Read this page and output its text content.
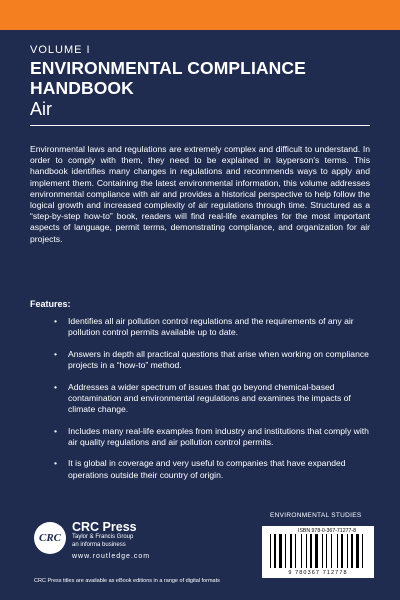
VOLUME I
ENVIRONMENTAL COMPLIANCE
HANDBOOK
Air

Environmental laws and regulations are extremely complex and difficult to understand. In order to comply with them, they need to be explained in layperson's terms. This handbook identifies many changes in regulations and recommends ways to apply and implement them. Containing the latest environmental information, this volume addresses environmental compliance with air and provides a historical perspective to help follow the logical growth and increased complexity of air regulations through time. Structured as a “step-by-step how-to” book, readers will find real-life examples for the most important aspects of language, permit terms, demonstrating compliance, and organization for air projects.

Features:

• Identifies all air pollution control regulations and the requirements of any air pollution control permits available up to date.
• Answers in depth all practical questions that arise when working on compliance projects in a “how-to” method.
• Addresses a wider spectrum of issues that go beyond chemical-based contamination and environmental regulations and examines the impacts of climate change.
• Includes many real-life examples from industry and institutions that comply with air quality regulations and air pollution control permits.
• It is global in coverage and very useful to companies that have expanded operations outside their country of origin.
ENVIRONMENTAL STUDIES
CRC
CRC Press
Taylor & Francis Group
an informa business
www.routledge.com
ISBN 978-0-367-71277-8
9 780367 712778
CRC Press titles are available as eBook editions in a range of digital formats
